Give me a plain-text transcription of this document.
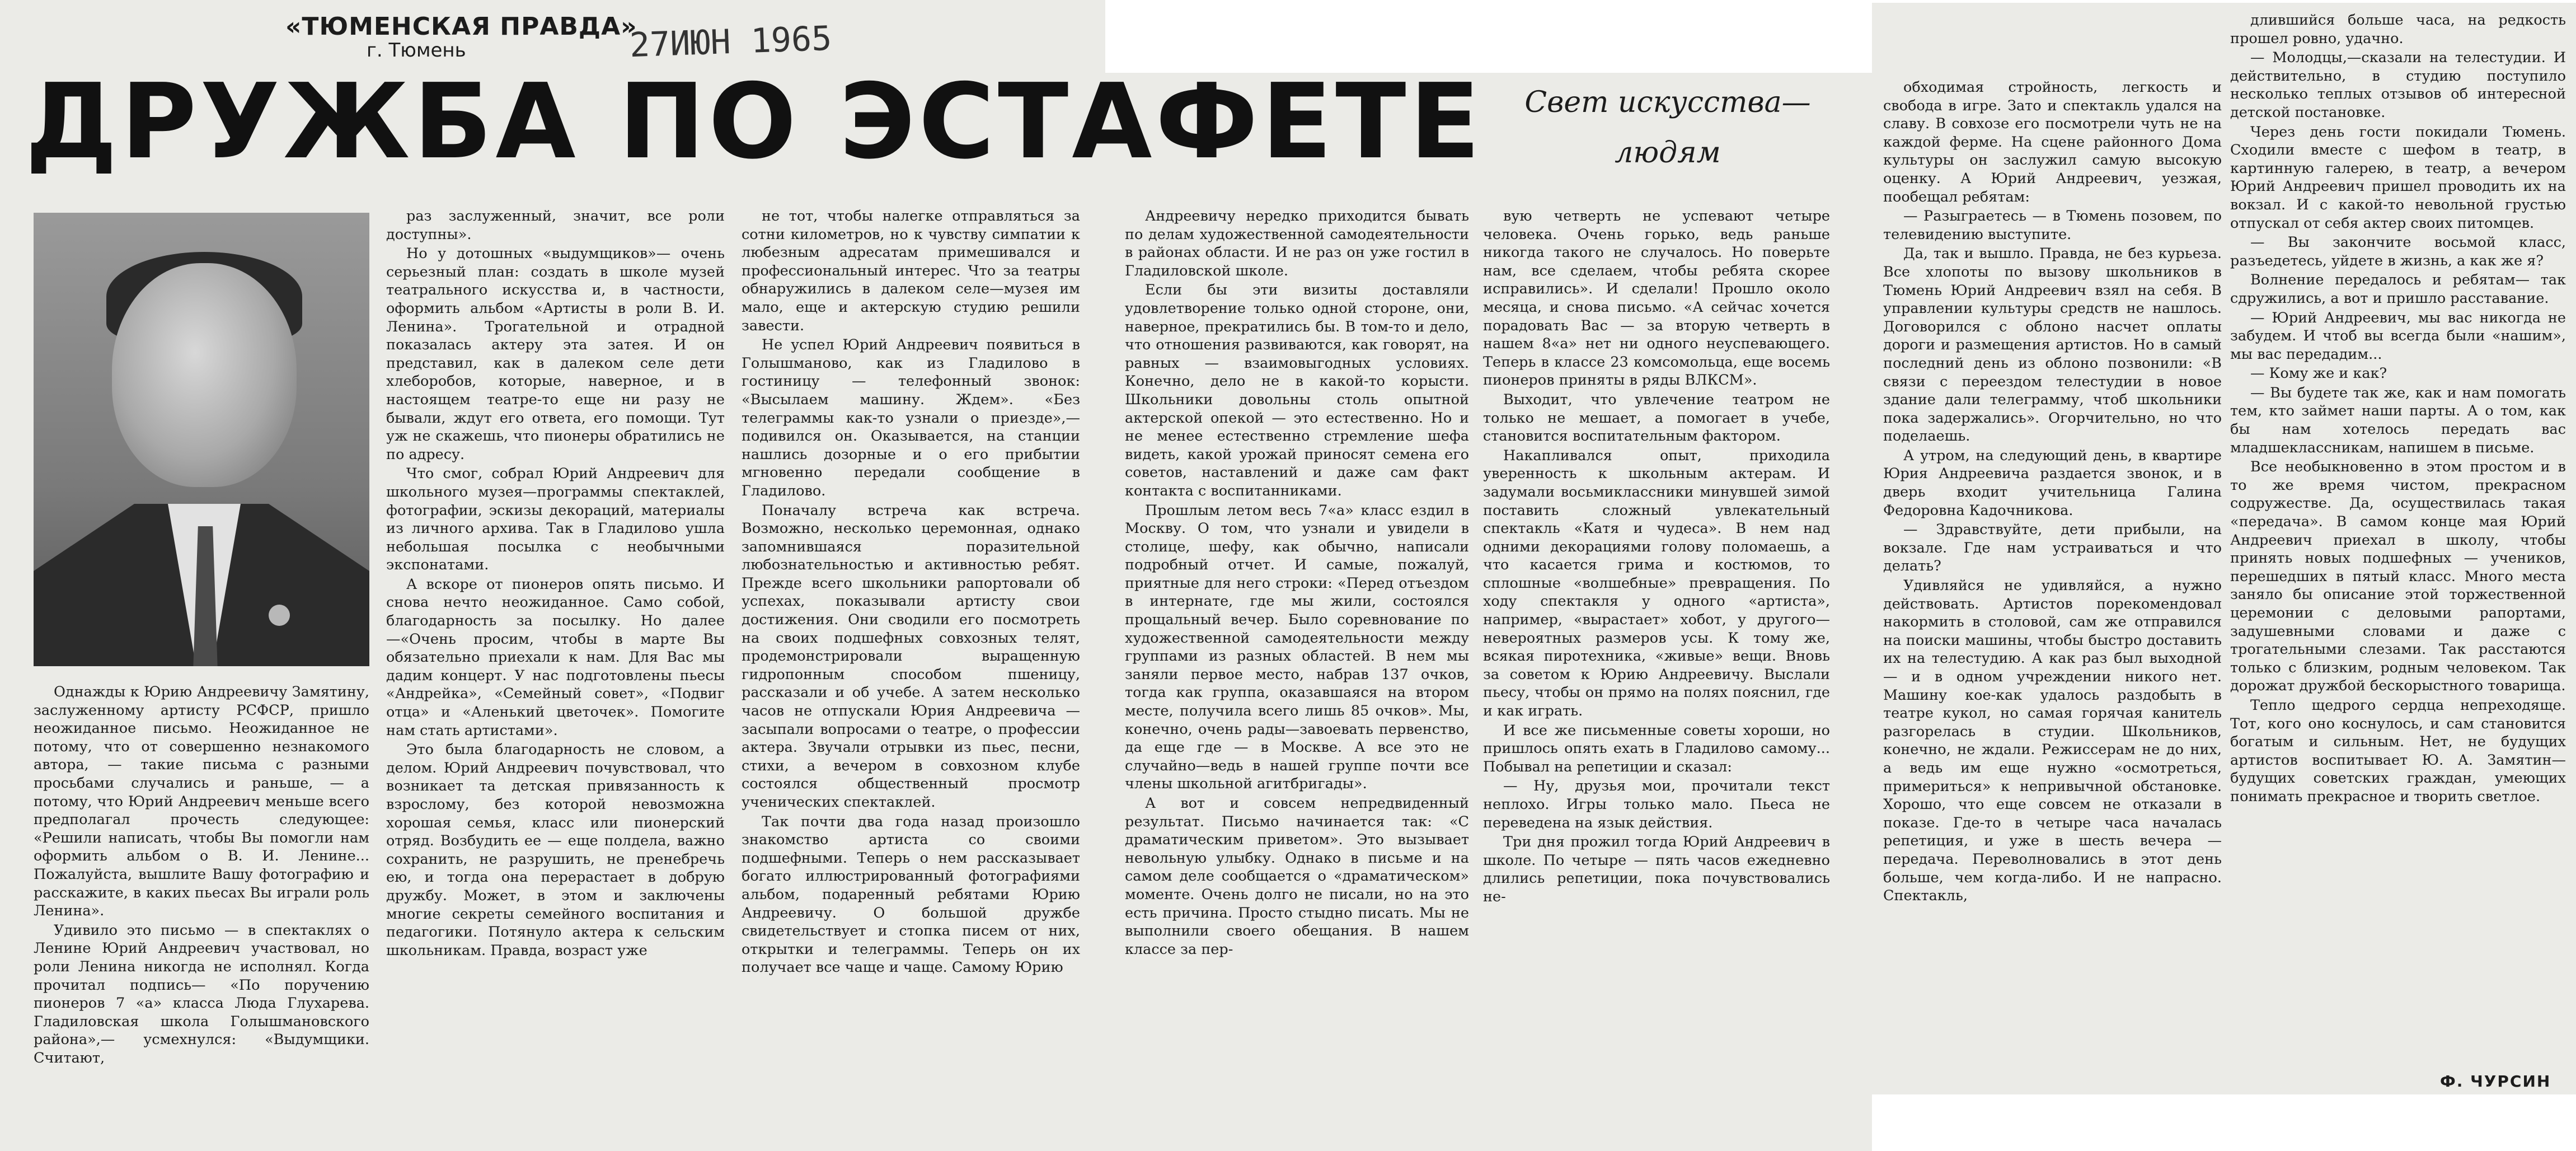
«ТЮМЕНСКАЯ ПРАВДА»
г. Тюмень	27ИЮН 1965
ДРУЖБА ПО ЭСТАФЕТЕ	Свет искусства—
людям

Однажды к Юрию Андреевичу Замятину, заслуженному артисту РСФСР, пришло неожиданное письмо. Неожиданное не потому, что от совершенно незнакомого автора, — такие письма с разными просьбами случались и раньше, — а потому, что Юрий Андреевич меньше всего предполагал прочесть следующее: «Решили написать, чтобы Вы помогли нам оформить альбом о В. И. Ленине... Пожалуйста, вышлите Вашу фотографию и расскажите, в каких пьесах Вы играли роль Ленина».

Удивило это письмо — в спектаклях о Ленине Юрий Андреевич участвовал, но роли Ленина никогда не исполнял. Когда прочитал подпись— «По поручению пионеров 7 «а» класса Люда Глухарева. Гладиловская школа Голышмановского района»,— усмехнулся: «Выдумщики. Считают,

раз заслуженный, значит, все роли доступны».

Но у дотошных «выдумщиков»— очень серьезный план: создать в школе музей театрального искусства и, в частности, оформить альбом «Артисты в роли В. И. Ленина». Трогательной и отрадной показалась актеру эта затея. И он представил, как в далеком селе дети хлеборобов, которые, наверное, и в настоящем театре-то еще ни разу не бывали, ждут его ответа, его помощи. Тут уж не скажешь, что пионеры обратились не по адресу.

Что смог, собрал Юрий Андреевич для школьного музея—программы спектаклей, фотографии, эскизы декораций, материалы из личного архива. Так в Гладилово ушла небольшая посылка с необычными экспонатами.

А вскоре от пионеров опять письмо. И снова нечто неожиданное. Само собой, благодарность за посылку. Но далее—«Очень просим, чтобы в марте Вы обязательно приехали к нам. Для Вас мы дадим концерт. У нас подготовлены пьесы «Андрейка», «Семейный совет», «Подвиг отца» и «Аленький цветочек». Помогите нам стать артистами».

Это была благодарность не словом, а делом. Юрий Андреевич почувствовал, что возникает та детская привязанность к взрослому, без которой невозможна хорошая семья, класс или пионерский отряд. Возбудить ее — еще полдела, важно сохранить, не разрушить, не пренебречь ею, и тогда она перерастает в добрую дружбу. Может, в этом и заключены многие секреты семейного воспитания и педагогики. Потянуло актера к сельским школьникам. Правда, возраст уже

не тот, чтобы налегке отправляться за сотни километров, но к чувству симпатии к любезным адресатам примешивался и профессиональный интерес. Что за театры обнаружились в далеком селе—музея им мало, еще и актерскую студию решили завести.

Не успел Юрий Андреевич появиться в Голышманово, как из Гладилово в гостиницу — телефонный звонок: «Высылаем машину. Ждем». «Без телеграммы как-то узнали о приезде»,—подивился он. Оказывается, на станции нашлись дозорные и о его прибытии мгновенно передали сообщение в Гладилово.

Поначалу встреча как встреча. Возможно, несколько церемонная, однако запомнившаяся поразительной любознательностью и активностью ребят. Прежде всего школьники рапортовали об успехах, показывали артисту свои достижения. Они сводили его посмотреть на своих подшефных совхозных телят, продемонстрировали выращенную гидропонным способом пшеницу, рассказали и об учебе. А затем несколько часов не отпускали Юрия Андреевича — засыпали вопросами о театре, о профессии актера. Звучали отрывки из пьес, песни, стихи, а вечером в совхозном клубе состоялся общественный просмотр ученических спектаклей.

Так почти два года назад произошло знакомство артиста со своими подшефными. Теперь о нем рассказывает богато иллюстрированный фотографиями альбом, подаренный ребятами Юрию Андреевичу. О большой дружбе свидетельствует и стопка писем от них, открытки и телеграммы. Теперь он их получает все чаще и чаще. Самому Юрию

Андреевичу нередко приходится бывать по делам художественной самодеятельности в районах области. И не раз он уже гостил в Гладиловской школе.

Если бы эти визиты доставляли удовлетворение только одной стороне, они, наверное, прекратились бы. В том-то и дело, что отношения развиваются, как говорят, на равных — взаимовыгодных условиях. Конечно, дело не в какой-то корысти. Школьники довольны столь опытной актерской опекой — это естественно. Но и не менее естественно стремление шефа видеть, какой урожай приносят семена его советов, наставлений и даже сам факт контакта с воспитанниками.

Прошлым летом весь 7«а» класс ездил в Москву. О том, что узнали и увидели в столице, шефу, как обычно, написали подробный отчет. И самые, пожалуй, приятные для него строки: «Перед отъездом в интернате, где мы жили, состоялся прощальный вечер. Было соревнование по художественной самодеятельности между группами из разных областей. В нем мы заняли первое место, набрав 137 очков, тогда как группа, оказавшаяся на втором месте, получила всего лишь 85 очков». Мы, конечно, очень рады—завоевать первенство, да еще где — в Москве. А все это не случайно—ведь в нашей группе почти все члены школьной агитбригады».

А вот и совсем непредвиденный результат. Письмо начинается так: «С драматическим приветом». Это вызывает невольную улыбку. Однако в письме и на самом деле сообщается о «драматическом» моменте. Очень долго не писали, но на это есть причина. Просто стыдно писать. Мы не выполнили своего обещания. В нашем классе за пер-

вую четверть не успевают четыре человека. Очень горько, ведь раньше никогда такого не случалось. Но поверьте нам, все сделаем, чтобы ребята скорее исправились». И сделали! Прошло около месяца, и снова письмо. «А сейчас хочется порадовать Вас — за вторую четверть в нашем 8«а» нет ни одного неуспевающего. Теперь в классе 23 комсомольца, еще восемь пионеров приняты в ряды ВЛКСМ».

Выходит, что увлечение театром не только не мешает, а помогает в учебе, становится воспитательным фактором.

Накапливался опыт, приходила уверенность к школьным актерам. И задумали восьмиклассники минувшей зимой поставить сложный увлекательный спектакль «Катя и чудеса». В нем над одними декорациями голову поломаешь, а что касается грима и костюмов, то сплошные «волшебные» превращения. По ходу спектакля у одного «артиста», например, «вырастает» хобот, у другого—невероятных размеров усы. К тому же, всякая пиротехника, «живые» вещи. Вновь за советом к Юрию Андреевичу. Выслали пьесу, чтобы он прямо на полях пояснил, где и как играть.

И все же письменные советы хороши, но пришлось опять ехать в Гладилово самому... Побывал на репетиции и сказал:

— Ну, друзья мои, прочитали текст неплохо. Игры только мало. Пьеса не переведена на язык действия.

Три дня прожил тогда Юрий Андреевич в школе. По четыре — пять часов ежедневно длились репетиции, пока почувствовались не-

обходимая стройность, легкость и свобода в игре. Зато и спектакль удался на славу. В совхозе его посмотрели чуть не на каждой ферме. На сцене районного Дома культуры он заслужил самую высокую оценку. А Юрий Андреевич, уезжая, пообещал ребятам:

— Разыграетесь — в Тюмень позовем, по телевидению выступите.

Да, так и вышло. Правда, не без курьеза. Все хлопоты по вызову школьников в Тюмень Юрий Андреевич взял на себя. В управлении культуры средств не нашлось. Договорился с облоно насчет оплаты дороги и размещения артистов. Но в самый последний день из облоно позвонили: «В связи с переездом телестудии в новое здание дали телеграмму, чтоб школьники пока задержались». Огорчительно, но что поделаешь.

А утром, на следующий день, в квартире Юрия Андреевича раздается звонок, и в дверь входит учительница Галина Федоровна Кадочникова.

— Здравствуйте, дети прибыли, на вокзале. Где нам устраиваться и что делать?

Удивляйся не удивляйся, а нужно действовать. Артистов порекомендовал накормить в столовой, сам же отправился на поиски машины, чтобы быстро доставить их на телестудию. А как раз был выходной— и в одном учреждении никого нет. Машину кое-как удалось раздобыть в театре кукол, но самая горячая канитель разгорелась в студии. Школьников, конечно, не ждали. Режиссерам не до них, а ведь им еще нужно «осмотреться, примериться» к непривычной обстановке. Хорошо, что еще совсем не отказали в показе. Где-то в четыре часа началась репетиция, и уже в шесть вечера — передача. Переволновались в этот день больше, чем когда-либо. И не напрасно. Спектакль,

длившийся больше часа, на редкость прошел ровно, удачно.

— Молодцы,—сказали на телестудии. И действительно, в студию поступило несколько теплых отзывов об интересной детской постановке.

Через день гости покидали Тюмень. Сходили вместе с шефом в театр, в картинную галерею, в театр, а вечером Юрий Андреевич пришел проводить их на вокзал. И с какой-то невольной грустью отпускал от себя актер своих питомцев.

— Вы закончите восьмой класс, разъедетесь, уйдете в жизнь, а как же я?

Волнение передалось и ребятам— так сдружились, а вот и пришло расставание.

— Юрий Андреевич, мы вас никогда не забудем. И чтоб вы всегда были «нашим», мы вас передадим...

— Кому же и как?

— Вы будете так же, как и нам помогать тем, кто займет наши парты. А о том, как бы нам хотелось передать вас младшеклассникам, напишем в письме.

Все необыкновенно в этом простом и в то же время чистом, прекрасном содружестве. Да, осуществилась такая «передача». В самом конце мая Юрий Андреевич приехал в школу, чтобы принять новых подшефных — учеников, перешедших в пятый класс. Много места заняло бы описание этой торжественной церемонии с деловыми рапортами, задушевными словами и даже с трогательными слезами. Так расстаются только с близким, родным человеком. Так дорожат дружбой бескорыстного товарища.

Тепло щедрого сердца непреходяще. Тот, кого оно коснулось, и сам становится богатым и сильным. Нет, не будущих артистов воспитывает Ю. А. Замятин—будущих советских граждан, умеющих понимать прекрасное и творить светлое.

Ф. ЧУРСИН
